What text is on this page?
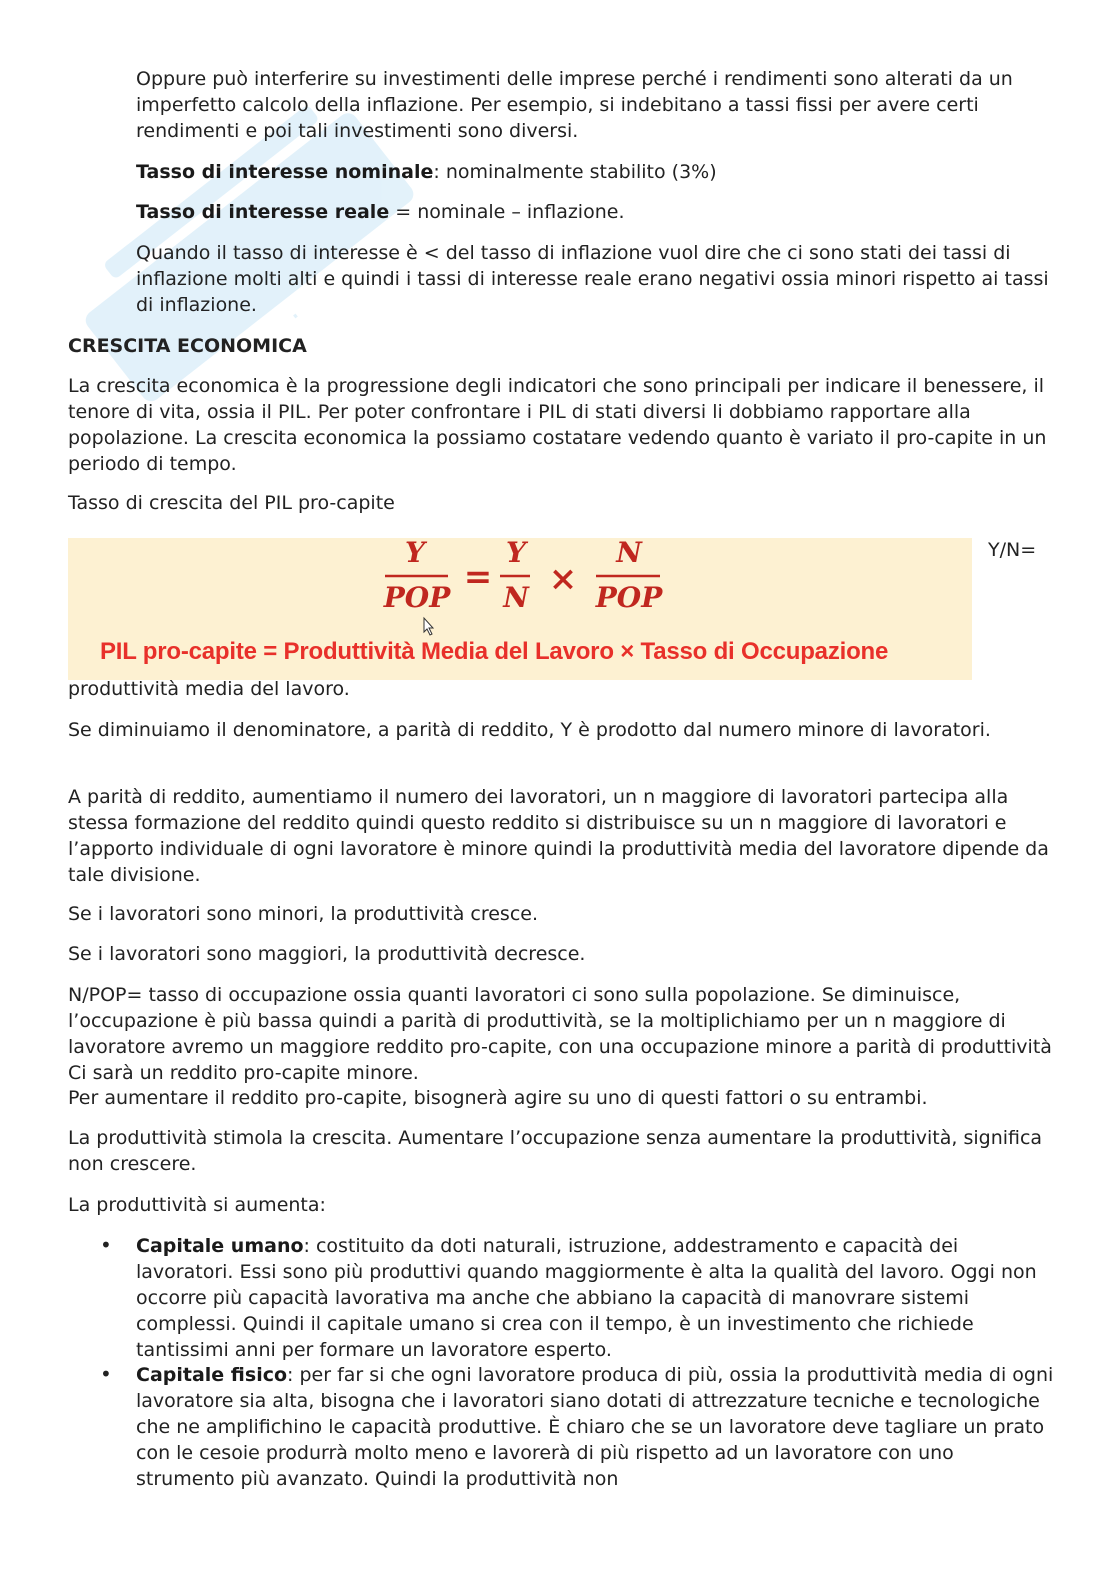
·

Oppure può interferire su investimenti delle imprese perché i rendimenti sono alterati da un imperfetto calcolo della inflazione. Per esempio, si indebitano a tassi fissi per avere certi rendimenti e poi tali investimenti sono diversi.

Tasso di interesse nominale: nominalmente stabilito (3%)

Tasso di interesse reale = nominale – inflazione.

Quando il tasso di interesse è < del tasso di inflazione vuol dire che ci sono stati dei tassi di inflazione molti alti e quindi i tassi di interesse reale erano negativi ossia minori rispetto ai tassi di inflazione.

CRESCITA ECONOMICA

La crescita economica è la progressione degli indicatori che sono principali per indicare il benessere, il tenore di vita, ossia il PIL. Per poter confrontare i PIL di stati diversi li dobbiamo rapportare alla popolazione. La crescita economica la possiamo costatare vedendo quanto è variato il pro-capite in un periodo di tempo.

Tasso di crescita del PIL pro-capite

Y
POP
=
Y
N ×
N
POP
PIL pro-capite = Produttività Media del Lavoro × Tasso di Occupazione
Y/N=

produttività media del lavoro.

Se diminuiamo il denominatore, a parità di reddito, Y è prodotto dal numero minore di lavoratori.

A parità di reddito, aumentiamo il numero dei lavoratori, un n maggiore di lavoratori partecipa alla stessa formazione del reddito quindi questo reddito si distribuisce su un n maggiore di lavoratori e l’apporto individuale di ogni lavoratore è minore quindi la produttività media del lavoratore dipende da tale divisione.

Se i lavoratori sono minori, la produttività cresce.

Se i lavoratori sono maggiori, la produttività decresce.

N/POP= tasso di occupazione ossia quanti lavoratori ci sono sulla popolazione. Se diminuisce, l’occupazione è più bassa quindi a parità di produttività, se la moltiplichiamo per un n maggiore di lavoratore avremo un maggiore reddito pro-capite, con una occupazione minore a parità di produttività Ci sarà un reddito pro-capite minore.

Per aumentare il reddito pro-capite, bisognerà agire su uno di questi fattori o su entrambi.

La produttività stimola la crescita. Aumentare l’occupazione senza aumentare la produttività, significa non crescere.

La produttività si aumenta:

• Capitale umano: costituito da doti naturali, istruzione, addestramento e capacità dei lavoratori. Essi sono più produttivi quando maggiormente è alta la qualità del lavoro. Oggi non occorre più capacità lavorativa ma anche che abbiano la capacità di manovrare sistemi complessi. Quindi il capitale umano si crea con il tempo, è un investimento che richiede tantissimi anni per formare un lavoratore esperto.

• Capitale fisico: per far si che ogni lavoratore produca di più, ossia la produttività media di ogni lavoratore sia alta, bisogna che i lavoratori siano dotati di attrezzature tecniche e tecnologiche che ne amplifichino le capacità produttive. È chiaro che se un lavoratore deve tagliare un prato con le cesoie produrrà molto meno e lavorerà di più rispetto ad un lavoratore con uno strumento più avanzato. Quindi la produttività non
